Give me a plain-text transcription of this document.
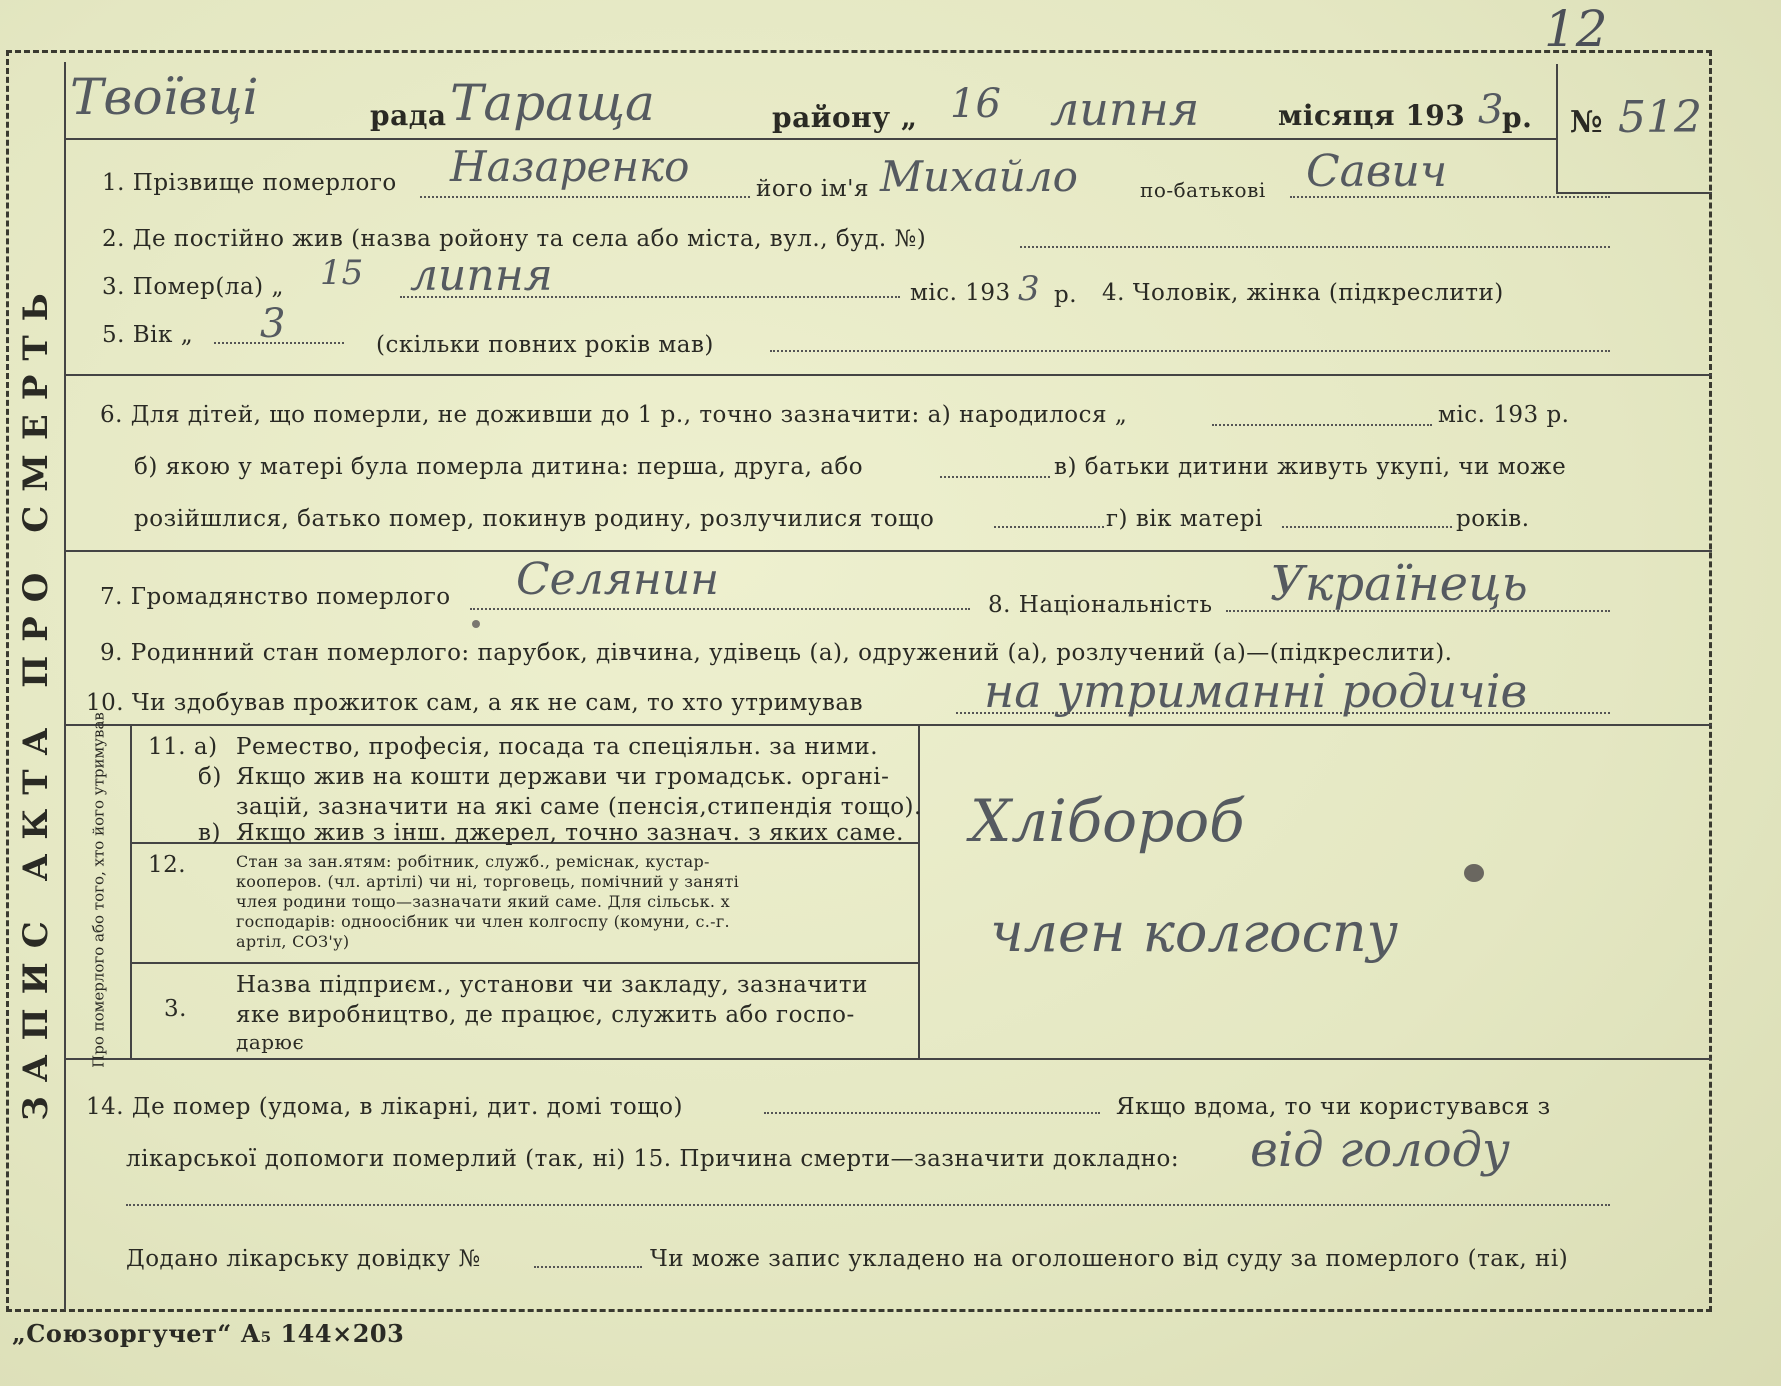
12
№ 512
Твоївці	рада Тараща	району „ 16 липня	місяця 193 3
р.
ЗАПИС АКТА ПРО СМЕРТЬ
1. Прізвище померлого Назаренко	його ім'я Михайло	по-батькові Савич
2. Де постійно жив (назва ройону та села або міста, вул., буд. №)
3. Помер(ла) „ 15 липня	міс. 193 3 р. 4. Чоловік, жінка (підкреслити)
5. Вік „ 3	(скільки повних років мав)
6. Для дітей, що померли, не доживши до 1 р., точно зазначити: а) народилося „	міс. 193 р.
б) якою у матері була померла дитина: перша, друга, або	в) батьки дитини живуть укупі, чи може
розійшлися, батько помер, покинув родину, розлучилися тощо	г) вік матері	років.
7. Громадянство померлого Селянин	8. Національність Українець
9. Родинний стан померлого: парубок, дівчина, удівець (а), одружений (а), розлучений (а)—(підкреслити).
10. Чи здобував прожиток сам, а як не сам, то хто утримував	на утриманні родичів
Про померлого або того, хто його утримував 11. а) Ремество, професія, посада та спеціяльн. за ними.
б) Якщо жив на кошти держави чи громадськ. органі-
зацій, зазначити на які саме (пенсія,стипендія тощо).
в) Якщо жив з інш. джерел, точно зазнач. з яких саме.
12.	Стан за зан.ятям: робітник, служб., реміснак, кустар-
кооперов. (чл. артілі) чи ні, торговець, помічний у заняті
члея родини тощо—зазначати який саме. Для сільськ. х
господарів: одноосібник чи член колгоспу (комуни, с.-г.
артіл, СОЗ'у)
3.
Назва підприєм., установи чи закладу, зазначити
яке виробництво, де працює, служить або госпо-
дарює
Хлібороб
член колгоспу
14. Де помер (удома, в лікарні, дит. домі тощо)	Якщо вдома, то чи користувався з
лікарської допомоги померлий (так, ні) 15. Причина смерти—зазначити докладно: від голоду
Додано лікарську довідку №	Чи може запис укладено на оголошеного від суду за померлого (так, ні)
„Союзоргучет“ А₅ 144×203
